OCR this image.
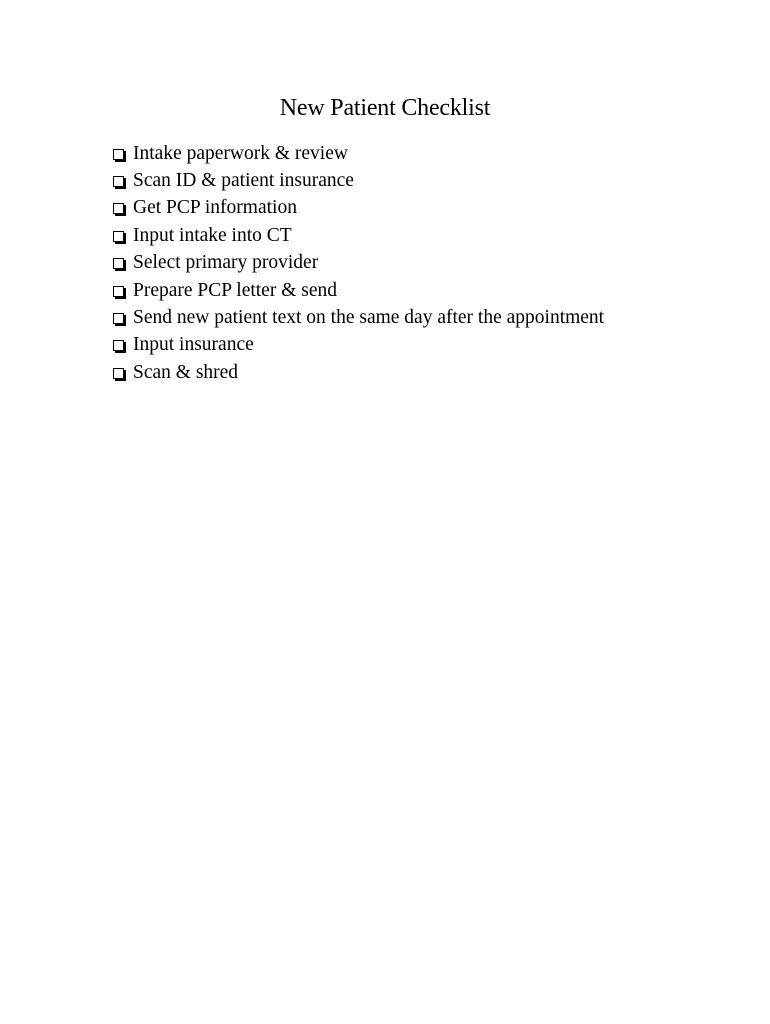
New Patient Checklist
Intake paperwork & review
Scan ID & patient insurance
Get PCP information
Input intake into CT
Select primary provider
Prepare PCP letter & send
Send new patient text on the same day after the appointment
Input insurance
Scan & shred
